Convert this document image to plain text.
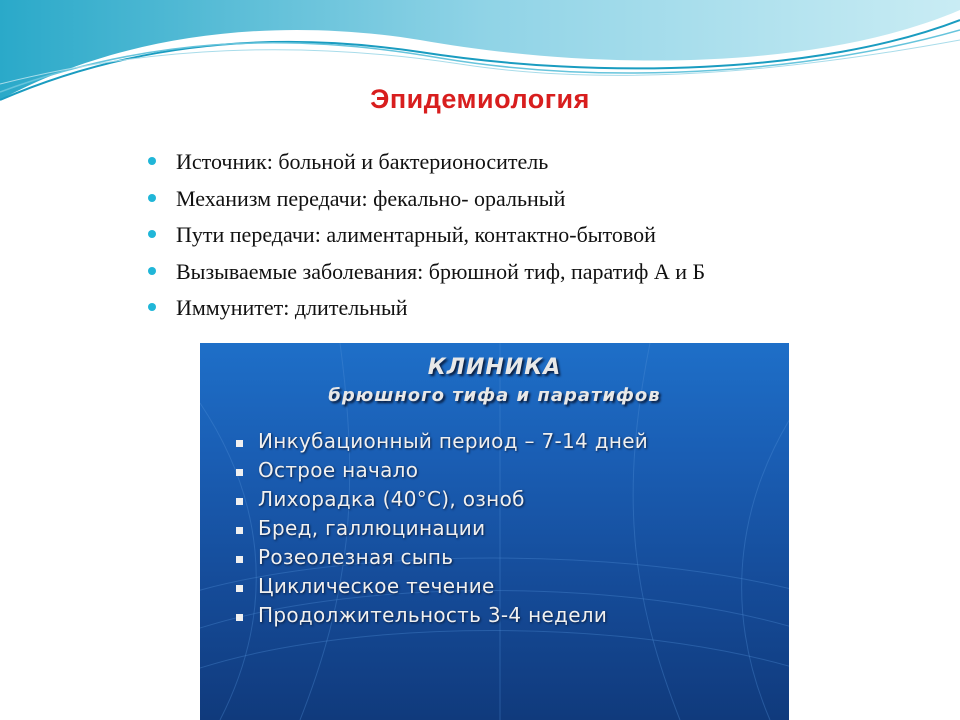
Эпидемиология
Источник: больной и бактерионоситель
Механизм передачи: фекально- оральный
Пути передачи: алиментарный, контактно-бытовой
Вызываемые заболевания: брюшной тиф, паратиф А и Б
Иммунитет: длительный
КЛИНИКА
брюшного тифа и паратифов
Инкубационный период – 7-14 дней
Острое начало
Лихорадка (40°С), озноб
Бред, галлюцинации
Розеолезная сыпь
Циклическое течение
Продолжительность 3-4 недели
